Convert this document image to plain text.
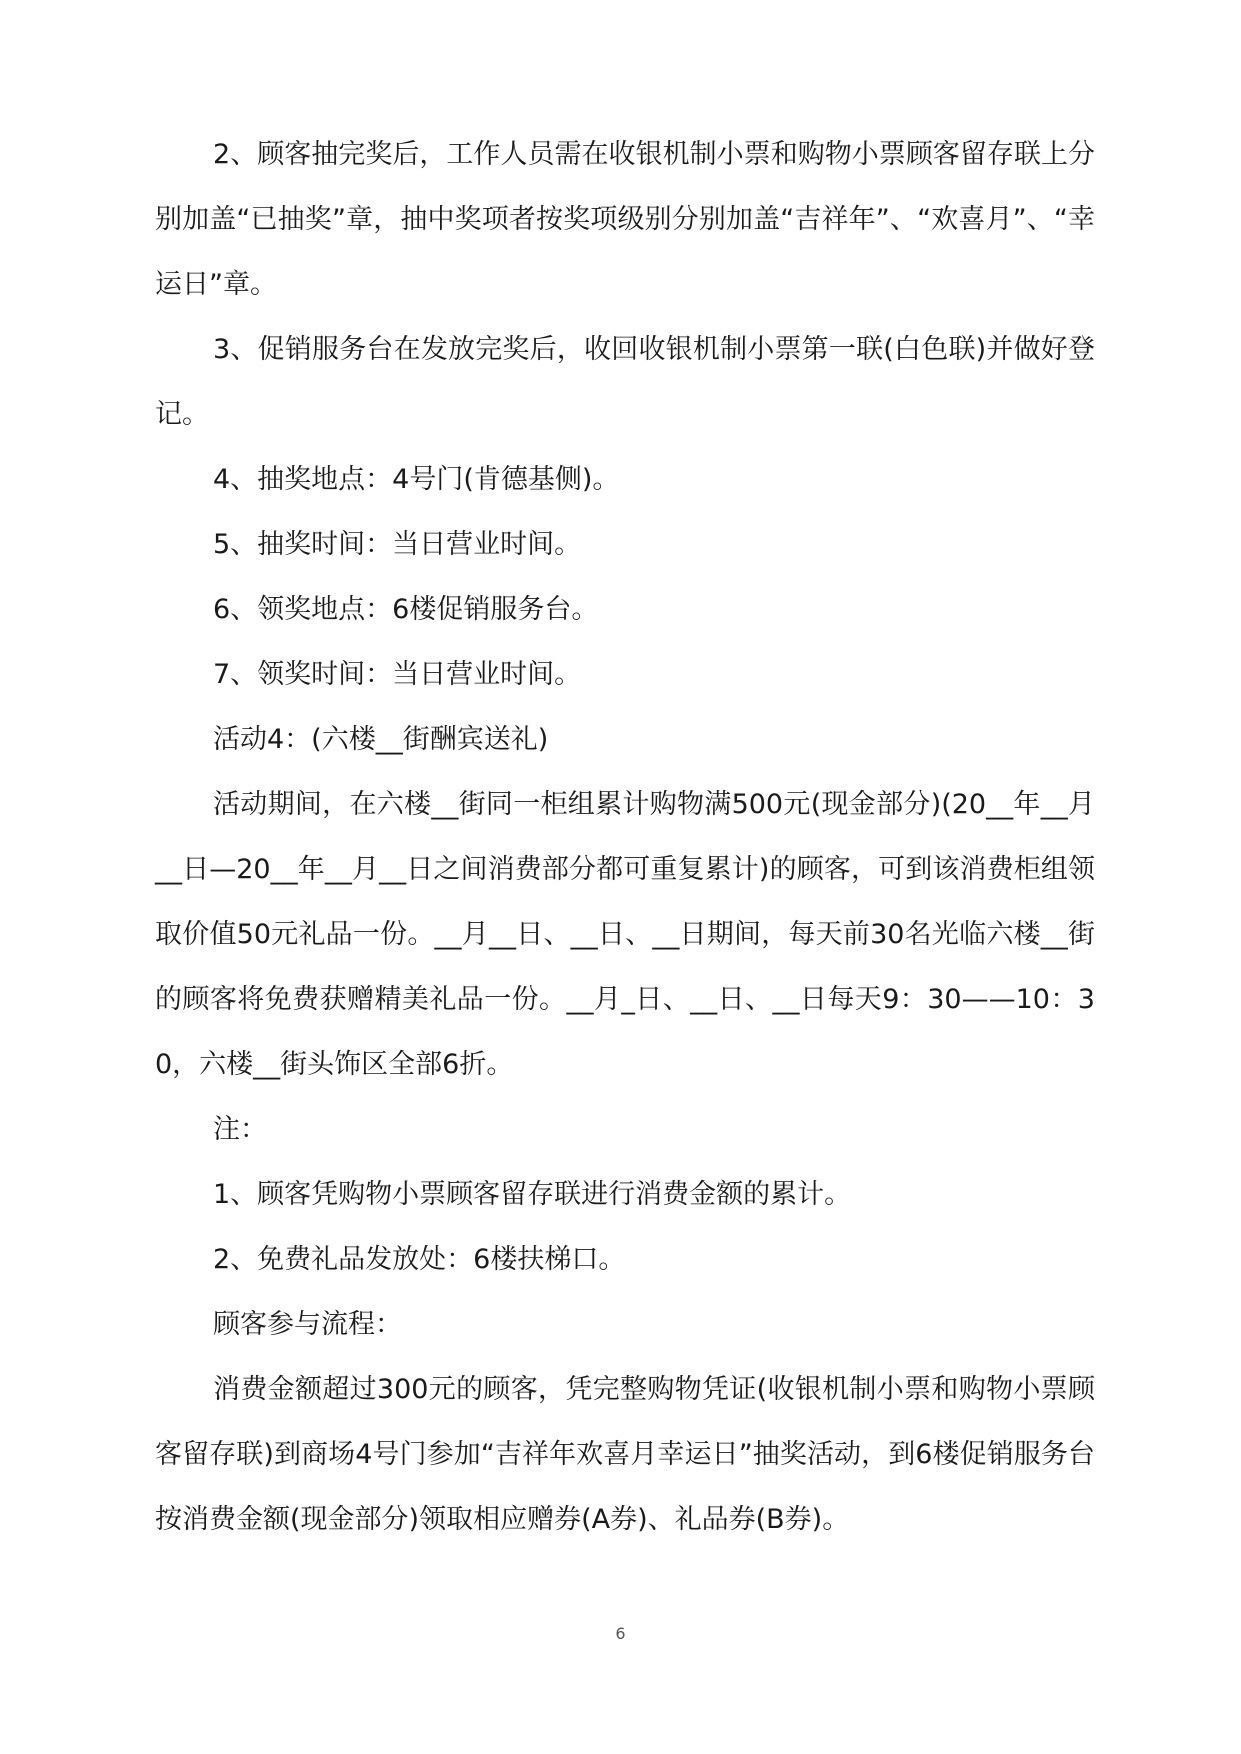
2、顾客抽完奖后，工作人员需在收银机制小票和购物小票顾客留存联上分别加盖“已抽奖”章，抽中奖项者按奖项级别分别加盖“吉祥年”、“欢喜月”、“幸运日”章。

3、促销服务台在发放完奖后，收回收银机制小票第一联(白色联)并做好登记。

4、抽奖地点：4号门(肯德基侧)。

5、抽奖时间：当日营业时间。

6、领奖地点：6楼促销服务台。

7、领奖时间：当日营业时间。

活动4：(六楼__街酬宾送礼)

活动期间，在六楼__街同一柜组累计购物满500元(现金部分)(20__年__月__日—20__年__月__日之间消费部分都可重复累计)的顾客，可到该消费柜组领取价值50元礼品一份。__月__日、__日、__日期间，每天前30名光临六楼__街的顾客将免费获赠精美礼品一份。__月_日、__日、__日每天9：30——10：30，六楼__街头饰区全部6折。

注：

1、顾客凭购物小票顾客留存联进行消费金额的累计。

2、免费礼品发放处：6楼扶梯口。

顾客参与流程：

消费金额超过300元的顾客，凭完整购物凭证(收银机制小票和购物小票顾客留存联)到商场4号门参加“吉祥年欢喜月幸运日”抽奖活动，到6楼促销服务台按消费金额(现金部分)领取相应赠券(A券)、礼品券(B券)。

6
